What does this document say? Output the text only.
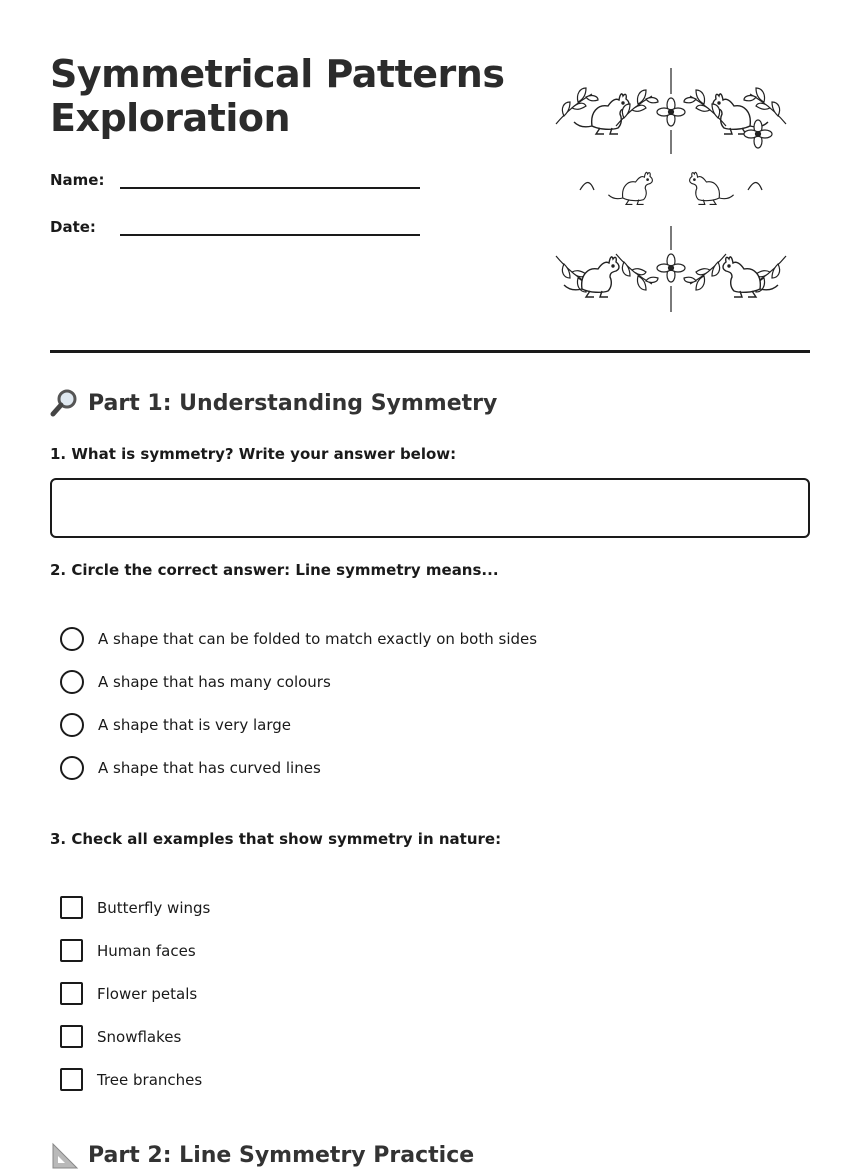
Symmetrical Patterns
Exploration
Name:
Date:
Part 1: Understanding Symmetry

1. What is symmetry? Write your answer below:

2. Circle the correct answer: Line symmetry means...

A shape that can be folded to match exactly on both sides
A shape that has many colours
A shape that is very large
A shape that has curved lines

3. Check all examples that show symmetry in nature:

Butterfly wings
Human faces
Flower petals
Snowflakes
Tree branches
Part 2: Line Symmetry Practice
